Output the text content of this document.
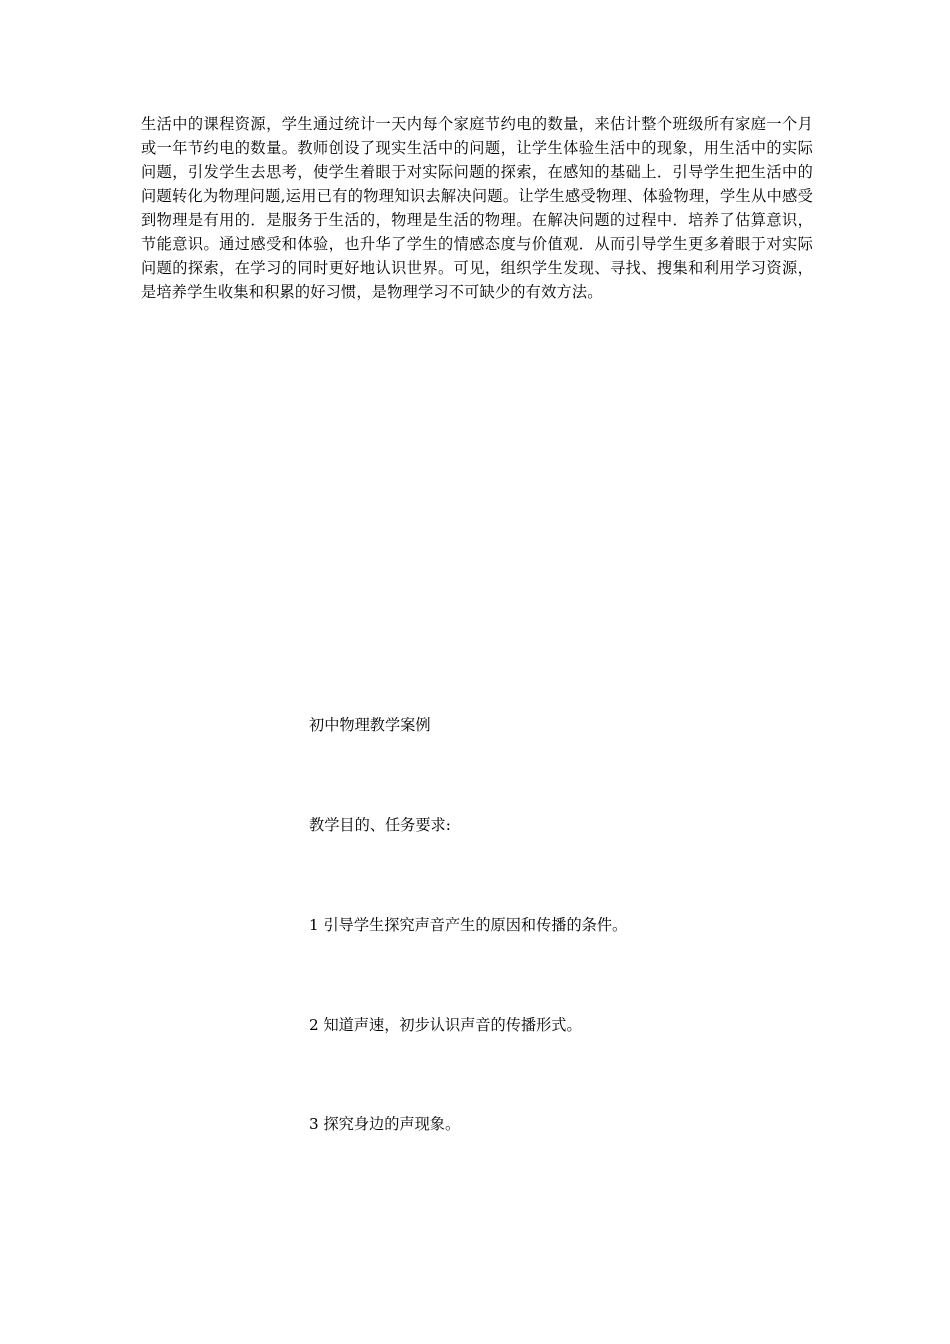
生活中的课程资源，学生通过统计一天内每个家庭节约电的数量，来估计整个班级所有家庭一个月或一年节约电的数量。教师创设了现实生活中的问题，让学生体验生活中的现象，用生活中的实际问题，引发学生去思考，使学生着眼于对实际问题的探索，在感知的基础上．引导学生把生活中的问题转化为物理问题,运用已有的物理知识去解决问题。让学生感受物理、体验物理，学生从中感受到物理是有用的．是服务于生活的，物理是生活的物理。在解决问题的过程中．培养了估算意识，节能意识。通过感受和体验，也升华了学生的情感态度与价值观．从而引导学生更多着眼于对实际问题的探索，在学习的同时更好地认识世界。可见，组织学生发现、寻找、搜集和利用学习资源，是培养学生收集和积累的好习惯，是物理学习不可缺少的有效方法。

初中物理教学案例

教学目的、任务要求:

1 引导学生探究声音产生的原因和传播的条件。

2 知道声速，初步认识声音的传播形式。

3 探究身边的声现象。
